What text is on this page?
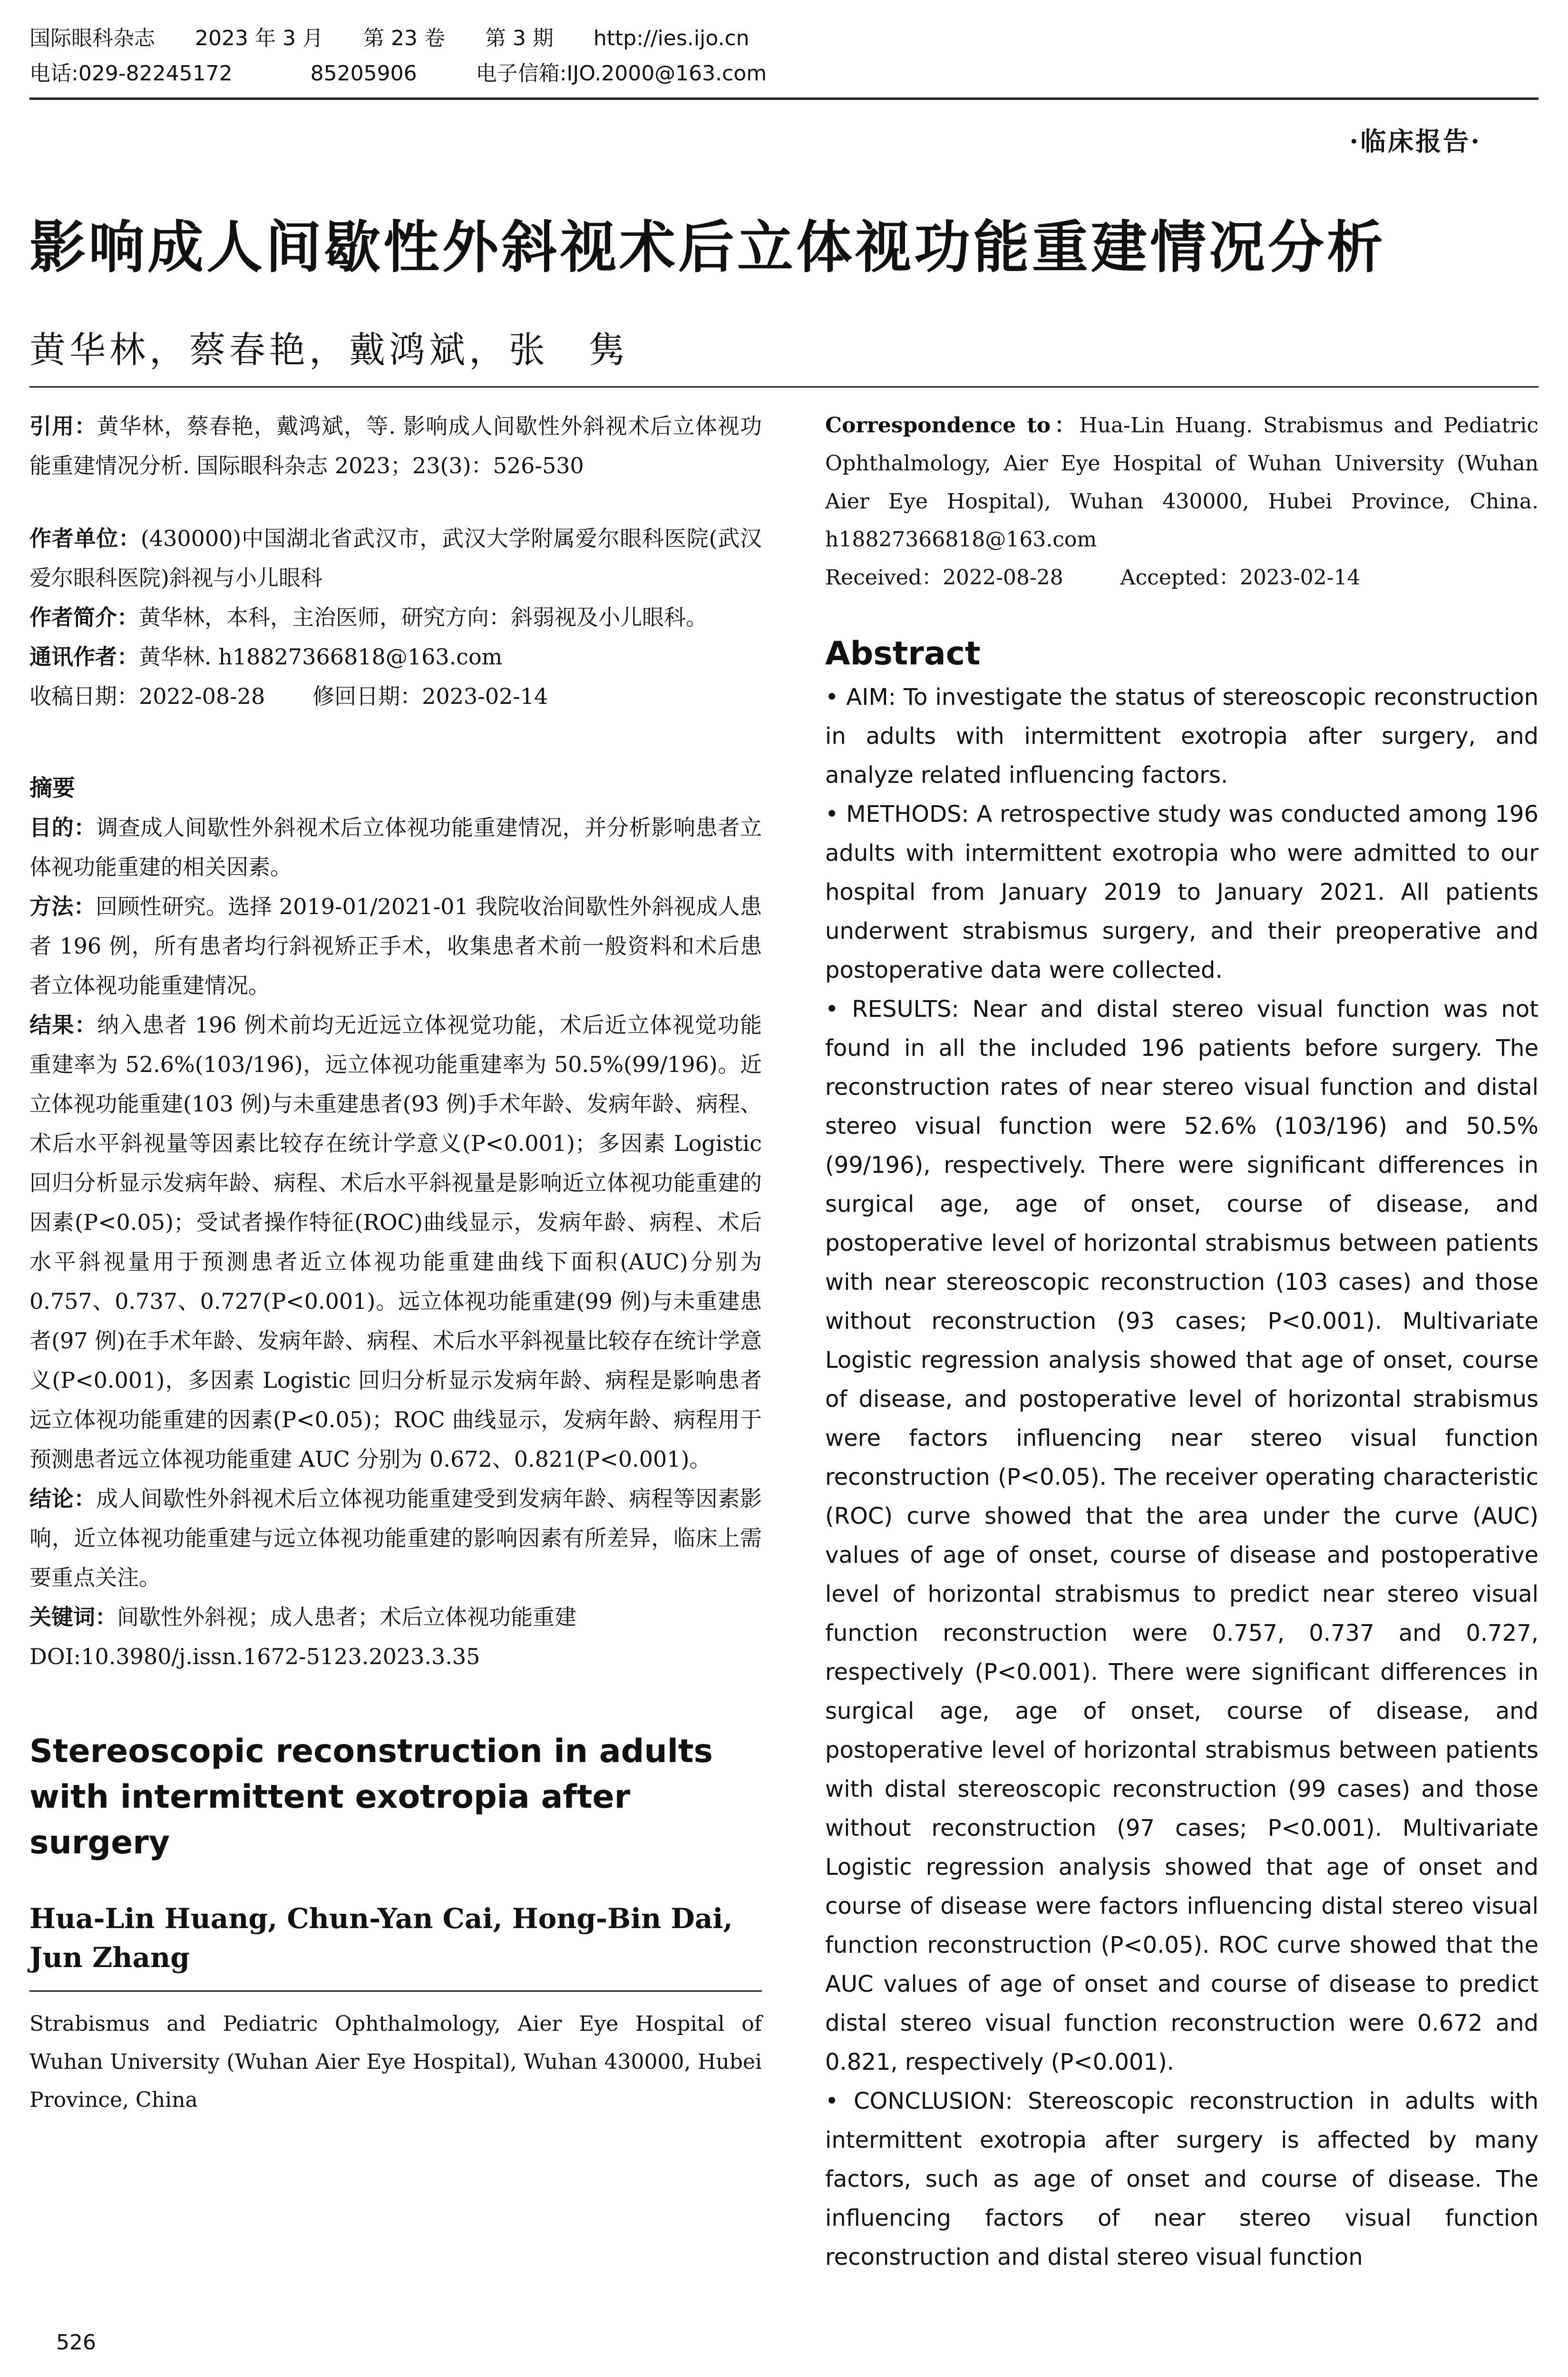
国际眼科杂志 2023 年 3 月 第 23 卷 第 3 期 http://ies.ijo.cn
电话:029-82245172	85205906	电子信箱:IJO.2000@163.com
·临床报告·
影响成人间歇性外斜视术后立体视功能重建情况分析
黄华林，蔡春艳，戴鸿斌，张　隽

引用：黄华林，蔡春艳，戴鸿斌，等. 影响成人间歇性外斜视术后立体视功能重建情况分析. 国际眼科杂志 2023；23(3)：526-530

作者单位：(430000)中国湖北省武汉市，武汉大学附属爱尔眼科医院(武汉爱尔眼科医院)斜视与小儿眼科

作者简介：黄华林，本科，主治医师，研究方向：斜弱视及小儿眼科。

通讯作者：黄华林. h18827366818@163.com

收稿日期：2022-08-28 修回日期：2023-02-14

摘要

目的：调查成人间歇性外斜视术后立体视功能重建情况，并分析影响患者立体视功能重建的相关因素。

方法：回顾性研究。选择 2019-01/2021-01 我院收治间歇性外斜视成人患者 196 例，所有患者均行斜视矫正手术，收集患者术前一般资料和术后患者立体视功能重建情况。

结果：纳入患者 196 例术前均无近远立体视觉功能，术后近立体视觉功能重建率为 52.6%(103/196)，远立体视功能重建率为 50.5%(99/196)。近立体视功能重建(103 例)与未重建患者(93 例)手术年龄、发病年龄、病程、术后水平斜视量等因素比较存在统计学意义(P<0.001)；多因素 Logistic 回归分析显示发病年龄、病程、术后水平斜视量是影响近立体视功能重建的因素(P<0.05)；受试者操作特征(ROC)曲线显示，发病年龄、病程、术后水平斜视量用于预测患者近立体视功能重建曲线下面积(AUC)分别为 0.757、0.737、0.727(P<0.001)。远立体视功能重建(99 例)与未重建患者(97 例)在手术年龄、发病年龄、病程、术后水平斜视量比较存在统计学意义(P<0.001)，多因素 Logistic 回归分析显示发病年龄、病程是影响患者远立体视功能重建的因素(P<0.05)；ROC 曲线显示，发病年龄、病程用于预测患者远立体视功能重建 AUC 分别为 0.672、0.821(P<0.001)。

结论：成人间歇性外斜视术后立体视功能重建受到发病年龄、病程等因素影响，近立体视功能重建与远立体视功能重建的影响因素有所差异，临床上需要重点关注。

关键词：间歇性外斜视；成人患者；术后立体视功能重建

DOI:10.3980/j.issn.1672-5123.2023.3.35

Stereoscopic reconstruction in adults with intermittent exotropia after surgery

Hua-Lin Huang, Chun-Yan Cai, Hong-Bin Dai, Jun Zhang

Strabismus and Pediatric Ophthalmology, Aier Eye Hospital of Wuhan University (Wuhan Aier Eye Hospital), Wuhan 430000, Hubei Province, China

Correspondence to：Hua-Lin Huang. Strabismus and Pediatric Ophthalmology, Aier Eye Hospital of Wuhan University (Wuhan Aier Eye Hospital), Wuhan 430000, Hubei Province, China. h18827366818@163.com

Received：2022-08-28	Accepted：2023-02-14

Abstract

• AIM: To investigate the status of stereoscopic reconstruction in adults with intermittent exotropia after surgery, and analyze related influencing factors.

• METHODS: A retrospective study was conducted among 196 adults with intermittent exotropia who were admitted to our hospital from January 2019 to January 2021. All patients underwent strabismus surgery, and their preoperative and postoperative data were collected.

• RESULTS: Near and distal stereo visual function was not found in all the included 196 patients before surgery. The reconstruction rates of near stereo visual function and distal stereo visual function were 52.6% (103/196) and 50.5% (99/196), respectively. There were significant differences in surgical age, age of onset, course of disease, and postoperative level of horizontal strabismus between patients with near stereoscopic reconstruction (103 cases) and those without reconstruction (93 cases; P<0.001). Multivariate Logistic regression analysis showed that age of onset, course of disease, and postoperative level of horizontal strabismus were factors influencing near stereo visual function reconstruction (P<0.05). The receiver operating characteristic (ROC) curve showed that the area under the curve (AUC) values of age of onset, course of disease and postoperative level of horizontal strabismus to predict near stereo visual function reconstruction were 0.757, 0.737 and 0.727, respectively (P<0.001). There were significant differences in surgical age, age of onset, course of disease, and postoperative level of horizontal strabismus between patients with distal stereoscopic reconstruction (99 cases) and those without reconstruction (97 cases; P<0.001). Multivariate Logistic regression analysis showed that age of onset and course of disease were factors influencing distal stereo visual function reconstruction (P<0.05). ROC curve showed that the AUC values of age of onset and course of disease to predict distal stereo visual function reconstruction were 0.672 and 0.821, respectively (P<0.001).

• CONCLUSION: Stereoscopic reconstruction in adults with intermittent exotropia after surgery is affected by many factors, such as age of onset and course of disease. The influencing factors of near stereo visual function reconstruction and distal stereo visual function

526
